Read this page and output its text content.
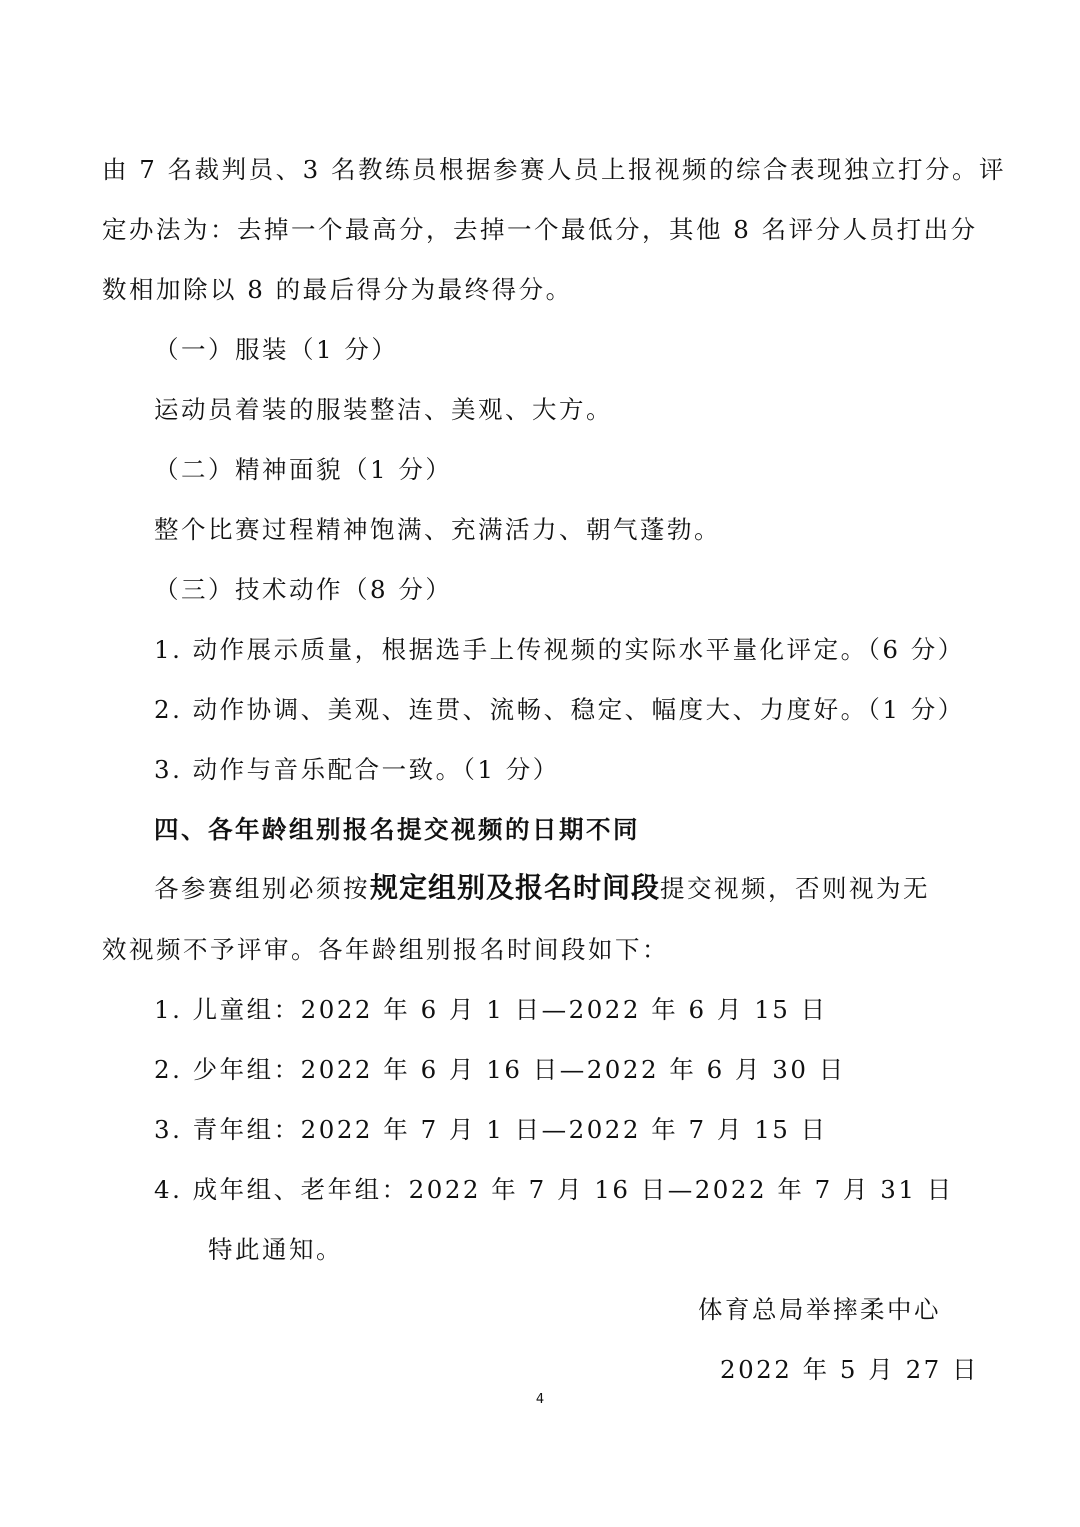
由 7 名裁判员、3 名教练员根据参赛人员上报视频的综合表现独立打分。评
定办法为：去掉一个最高分，去掉一个最低分，其他 8 名评分人员打出分
数相加除以 8 的最后得分为最终得分。
（一）服装（1 分）
运动员着装的服装整洁、美观、大方。
（二）精神面貌（1 分）
整个比赛过程精神饱满、充满活力、朝气蓬勃。
（三）技术动作（8 分）
1. 动作展示质量，根据选手上传视频的实际水平量化评定。（6 分）
2. 动作协调、美观、连贯、流畅、稳定、幅度大、力度好。（1 分）
3. 动作与音乐配合一致。（1 分）
四、各年龄组别报名提交视频的日期不同
各参赛组别必须按规定组别及报名时间段提交视频，否则视为无
效视频不予评审。各年龄组别报名时间段如下：
1. 儿童组：2022 年 6 月 1 日—2022 年 6 月 15 日
2. 少年组：2022 年 6 月 16 日—2022 年 6 月 30 日
3. 青年组：2022 年 7 月 1 日—2022 年 7 月 15 日
4. 成年组、老年组：2022 年 7 月 16 日—2022 年 7 月 31 日
特此通知。
体育总局举摔柔中心
2022 年 5 月 27 日
4
